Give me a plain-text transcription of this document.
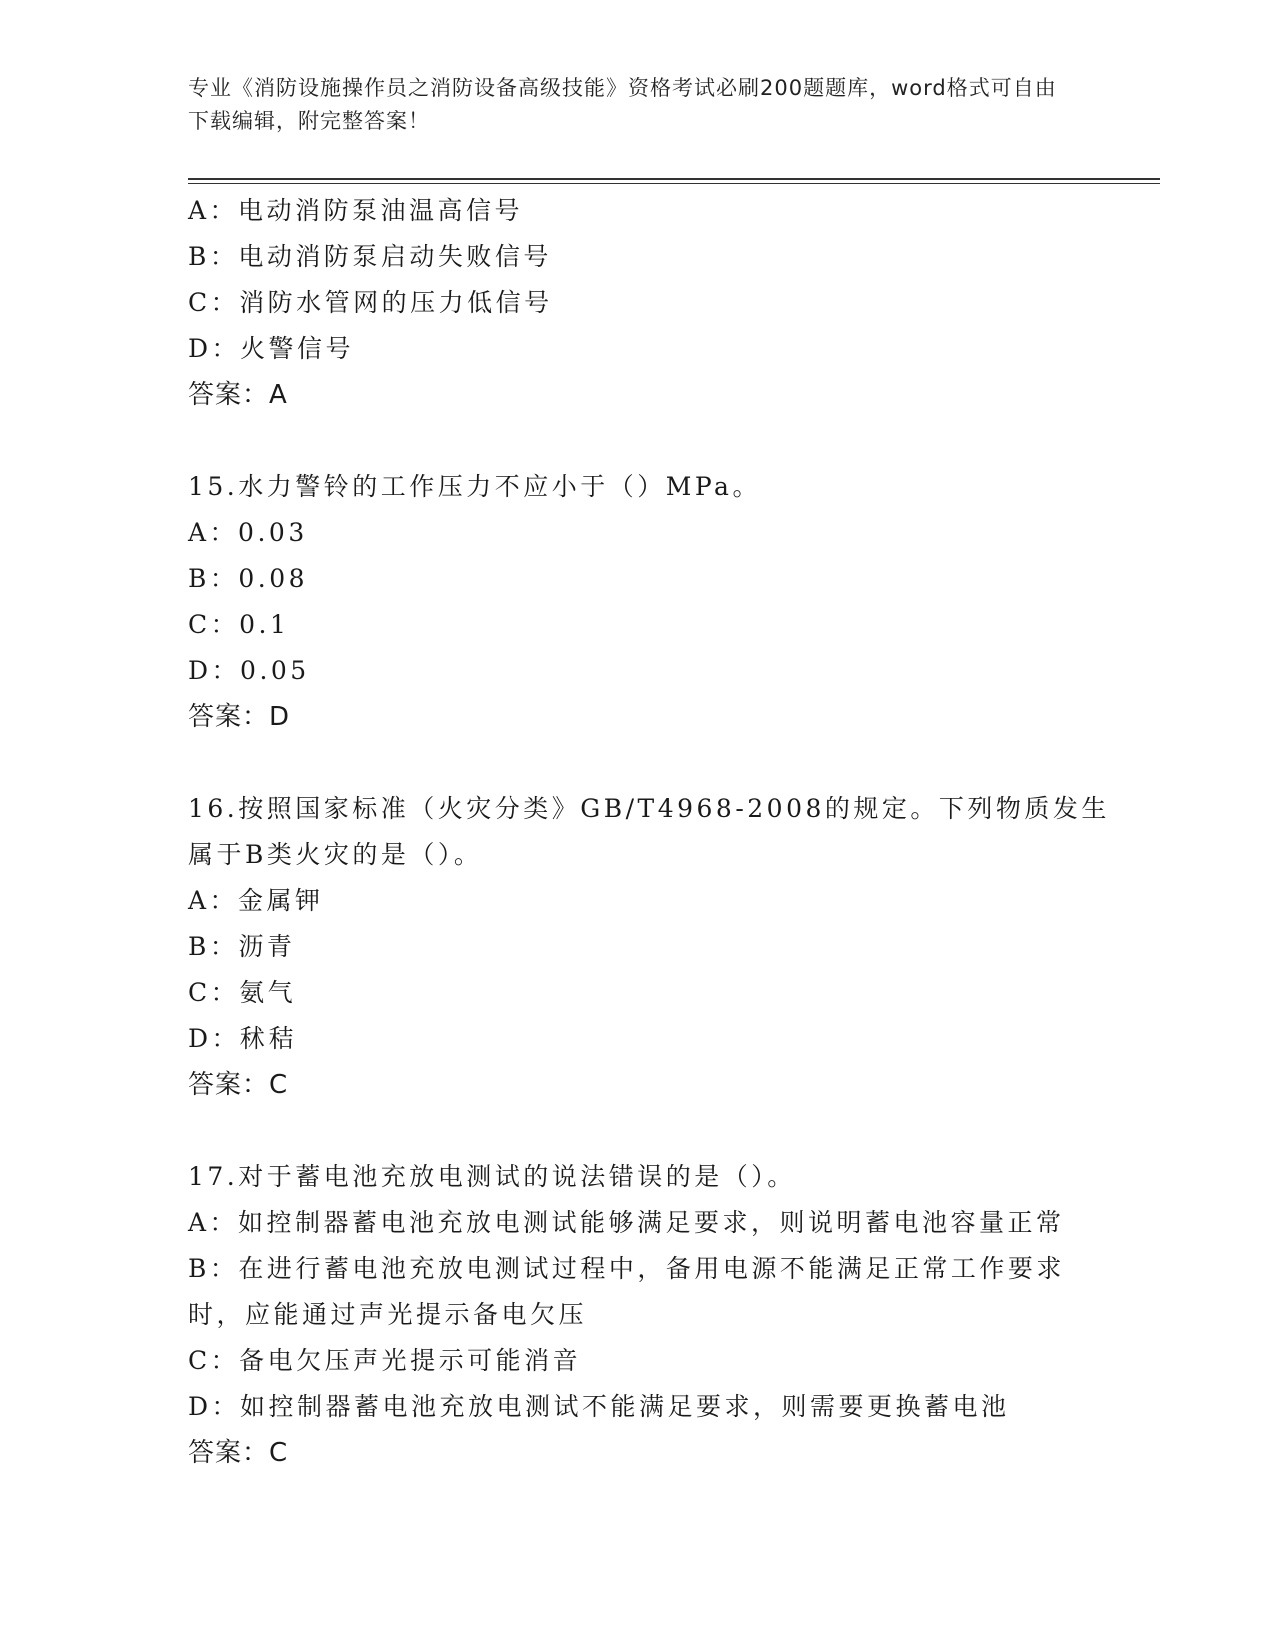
专业《消防设施操作员之消防设备高级技能》资格考试必刷200题题库，word格式可自由下载编辑，附完整答案！
A：电动消防泵油温高信号
B：电动消防泵启动失败信号
C：消防水管网的压力低信号
D：火警信号
答案：A
15.水力警铃的工作压力不应小于（）MPa。
A：0.03
B：0.08
C：0.1
D：0.05
答案：D
16.按照国家标准（火灾分类》GB/T4968-2008的规定。下列物质发生
属于B类火灾的是（）。
A：金属钾
B：沥青
C：氨气
D：秫秸
答案：C
17.对于蓄电池充放电测试的说法错误的是（）。
A：如控制器蓄电池充放电测试能够满足要求，则说明蓄电池容量正常
B：在进行蓄电池充放电测试过程中，备用电源不能满足正常工作要求
时，应能通过声光提示备电欠压
C：备电欠压声光提示可能消音
D：如控制器蓄电池充放电测试不能满足要求，则需要更换蓄电池
答案：C
